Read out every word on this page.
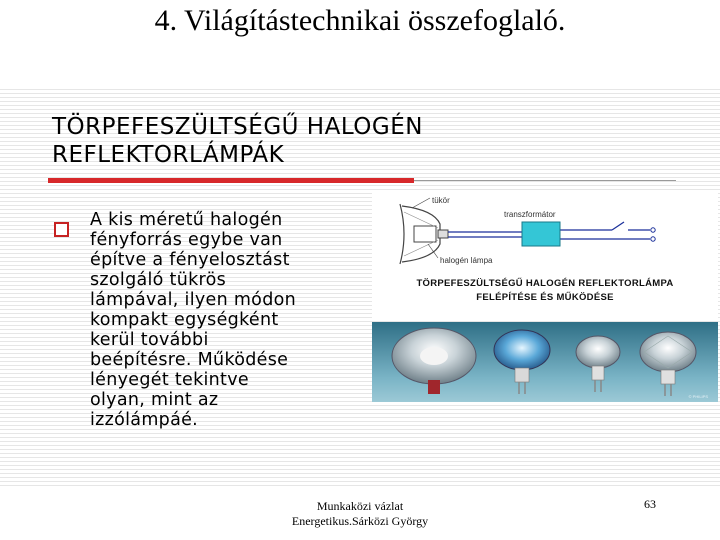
4. Világítástechnikai összefoglaló.
TÖRPEFESZÜLTSÉGŰ HALOGÉN
REFLEKTORLÁMPÁK
A kis méretű halogén
fényforrás egybe van
építve a fényelosztást
szolgáló tükrös
lámpával, ilyen módon
kompakt egységként
kerül további
beépítésre. Működése
lényegét tekintve
olyan, mint az
izzólámpáé.
tükör
transzformátor
halogén lámpa
TÖRPEFESZÜLTSÉGŰ HALOGÉN REFLEKTORLÁMPA
FELÉPÍTÉSE ÉS MŰKÖDÉSE
© PHILIPS
Munkaközi vázlat
Energetikus.Sárközi György
63
